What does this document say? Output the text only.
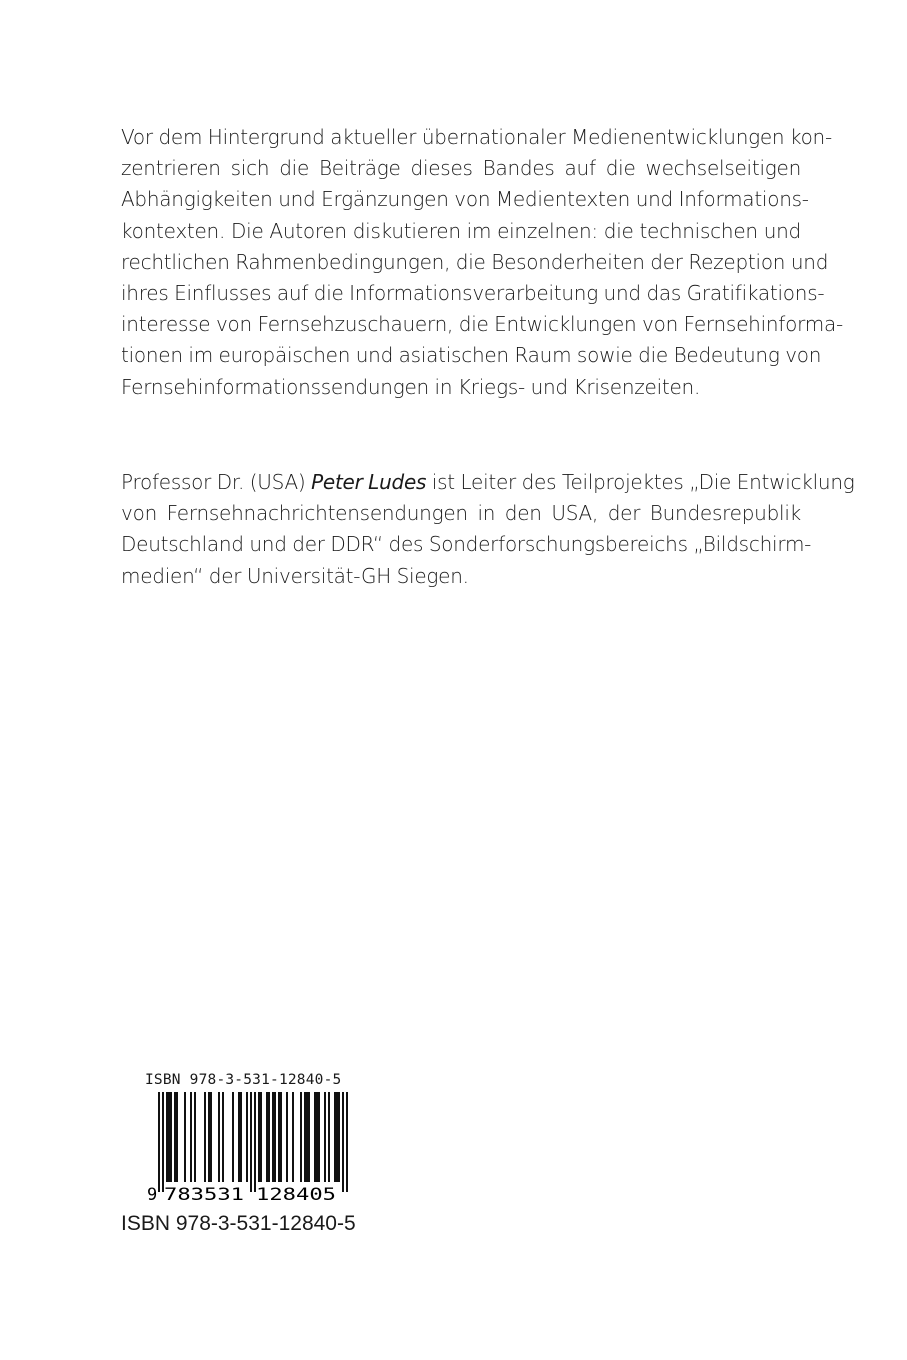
Vor dem Hintergrund aktueller übernationaler Medienentwicklungen kon-
zentrieren sich die Beiträge dieses Bandes auf die wechselseitigen
Abhängigkeiten und Ergänzungen von Medientexten und Informations-
kontexten. Die Autoren diskutieren im einzelnen: die technischen und
rechtlichen Rahmenbedingungen, die Besonderheiten der Rezeption und
ihres Einflusses auf die Informationsverarbeitung und das Gratifikations-
interesse von Fernsehzuschauern, die Entwicklungen von Fernsehinforma-
tionen im europäischen und asiatischen Raum sowie die Bedeutung von
Fernsehinformationssendungen in Kriegs- und Krisenzeiten.
Professor Dr. (USA) Peter Ludes ist Leiter des Teilprojektes „Die Entwicklung
von Fernsehnachrichtensendungen in den USA, der Bundesrepublik
Deutschland und der DDR“ des Sonderforschungsbereichs „Bildschirm-
medien“ der Universität-GH Siegen.
ISBN 978-3-531-12840-5
9 783531 128405
ISBN 978-3-531-12840-5
